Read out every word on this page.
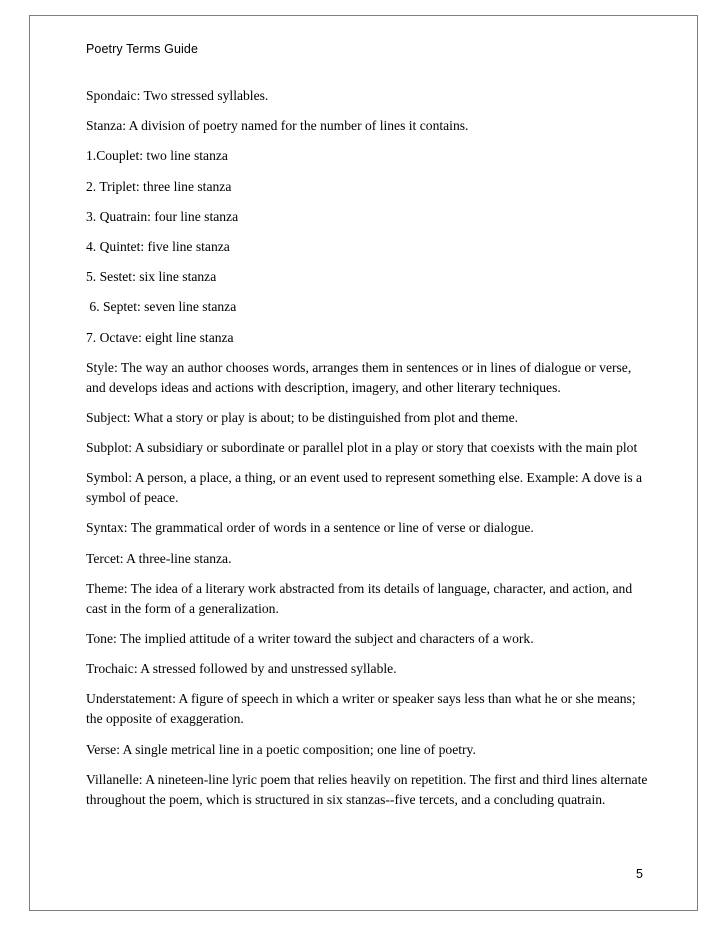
Poetry Terms Guide

Spondaic: Two stressed syllables.

Stanza: A division of poetry named for the number of lines it contains.

1.Couplet: two line stanza

2. Triplet: three line stanza

3. Quatrain: four line stanza

4. Quintet: five line stanza

5. Sestet: six line stanza

6. Septet: seven line stanza

7. Octave: eight line stanza

Style: The way an author chooses words, arranges them in sentences or in lines of dialogue or verse, and develops ideas and actions with description, imagery, and other literary techniques.

Subject: What a story or play is about; to be distinguished from plot and theme.

Subplot: A subsidiary or subordinate or parallel plot in a play or story that coexists with the main plot

Symbol: A person, a place, a thing, or an event used to represent something else. Example: A dove is a symbol of peace.

Syntax: The grammatical order of words in a sentence or line of verse or dialogue.

Tercet: A three-line stanza.

Theme: The idea of a literary work abstracted from its details of language, character, and action, and cast in the form of a generalization.

Tone: The implied attitude of a writer toward the subject and characters of a work.

Trochaic: A stressed followed by and unstressed syllable.

Understatement: A figure of speech in which a writer or speaker says less than what he or she means; the opposite of exaggeration.

Verse: A single metrical line in a poetic composition; one line of poetry.

Villanelle: A nineteen-line lyric poem that relies heavily on repetition. The first and third lines alternate throughout the poem, which is structured in six stanzas--five tercets, and a concluding quatrain.

5
